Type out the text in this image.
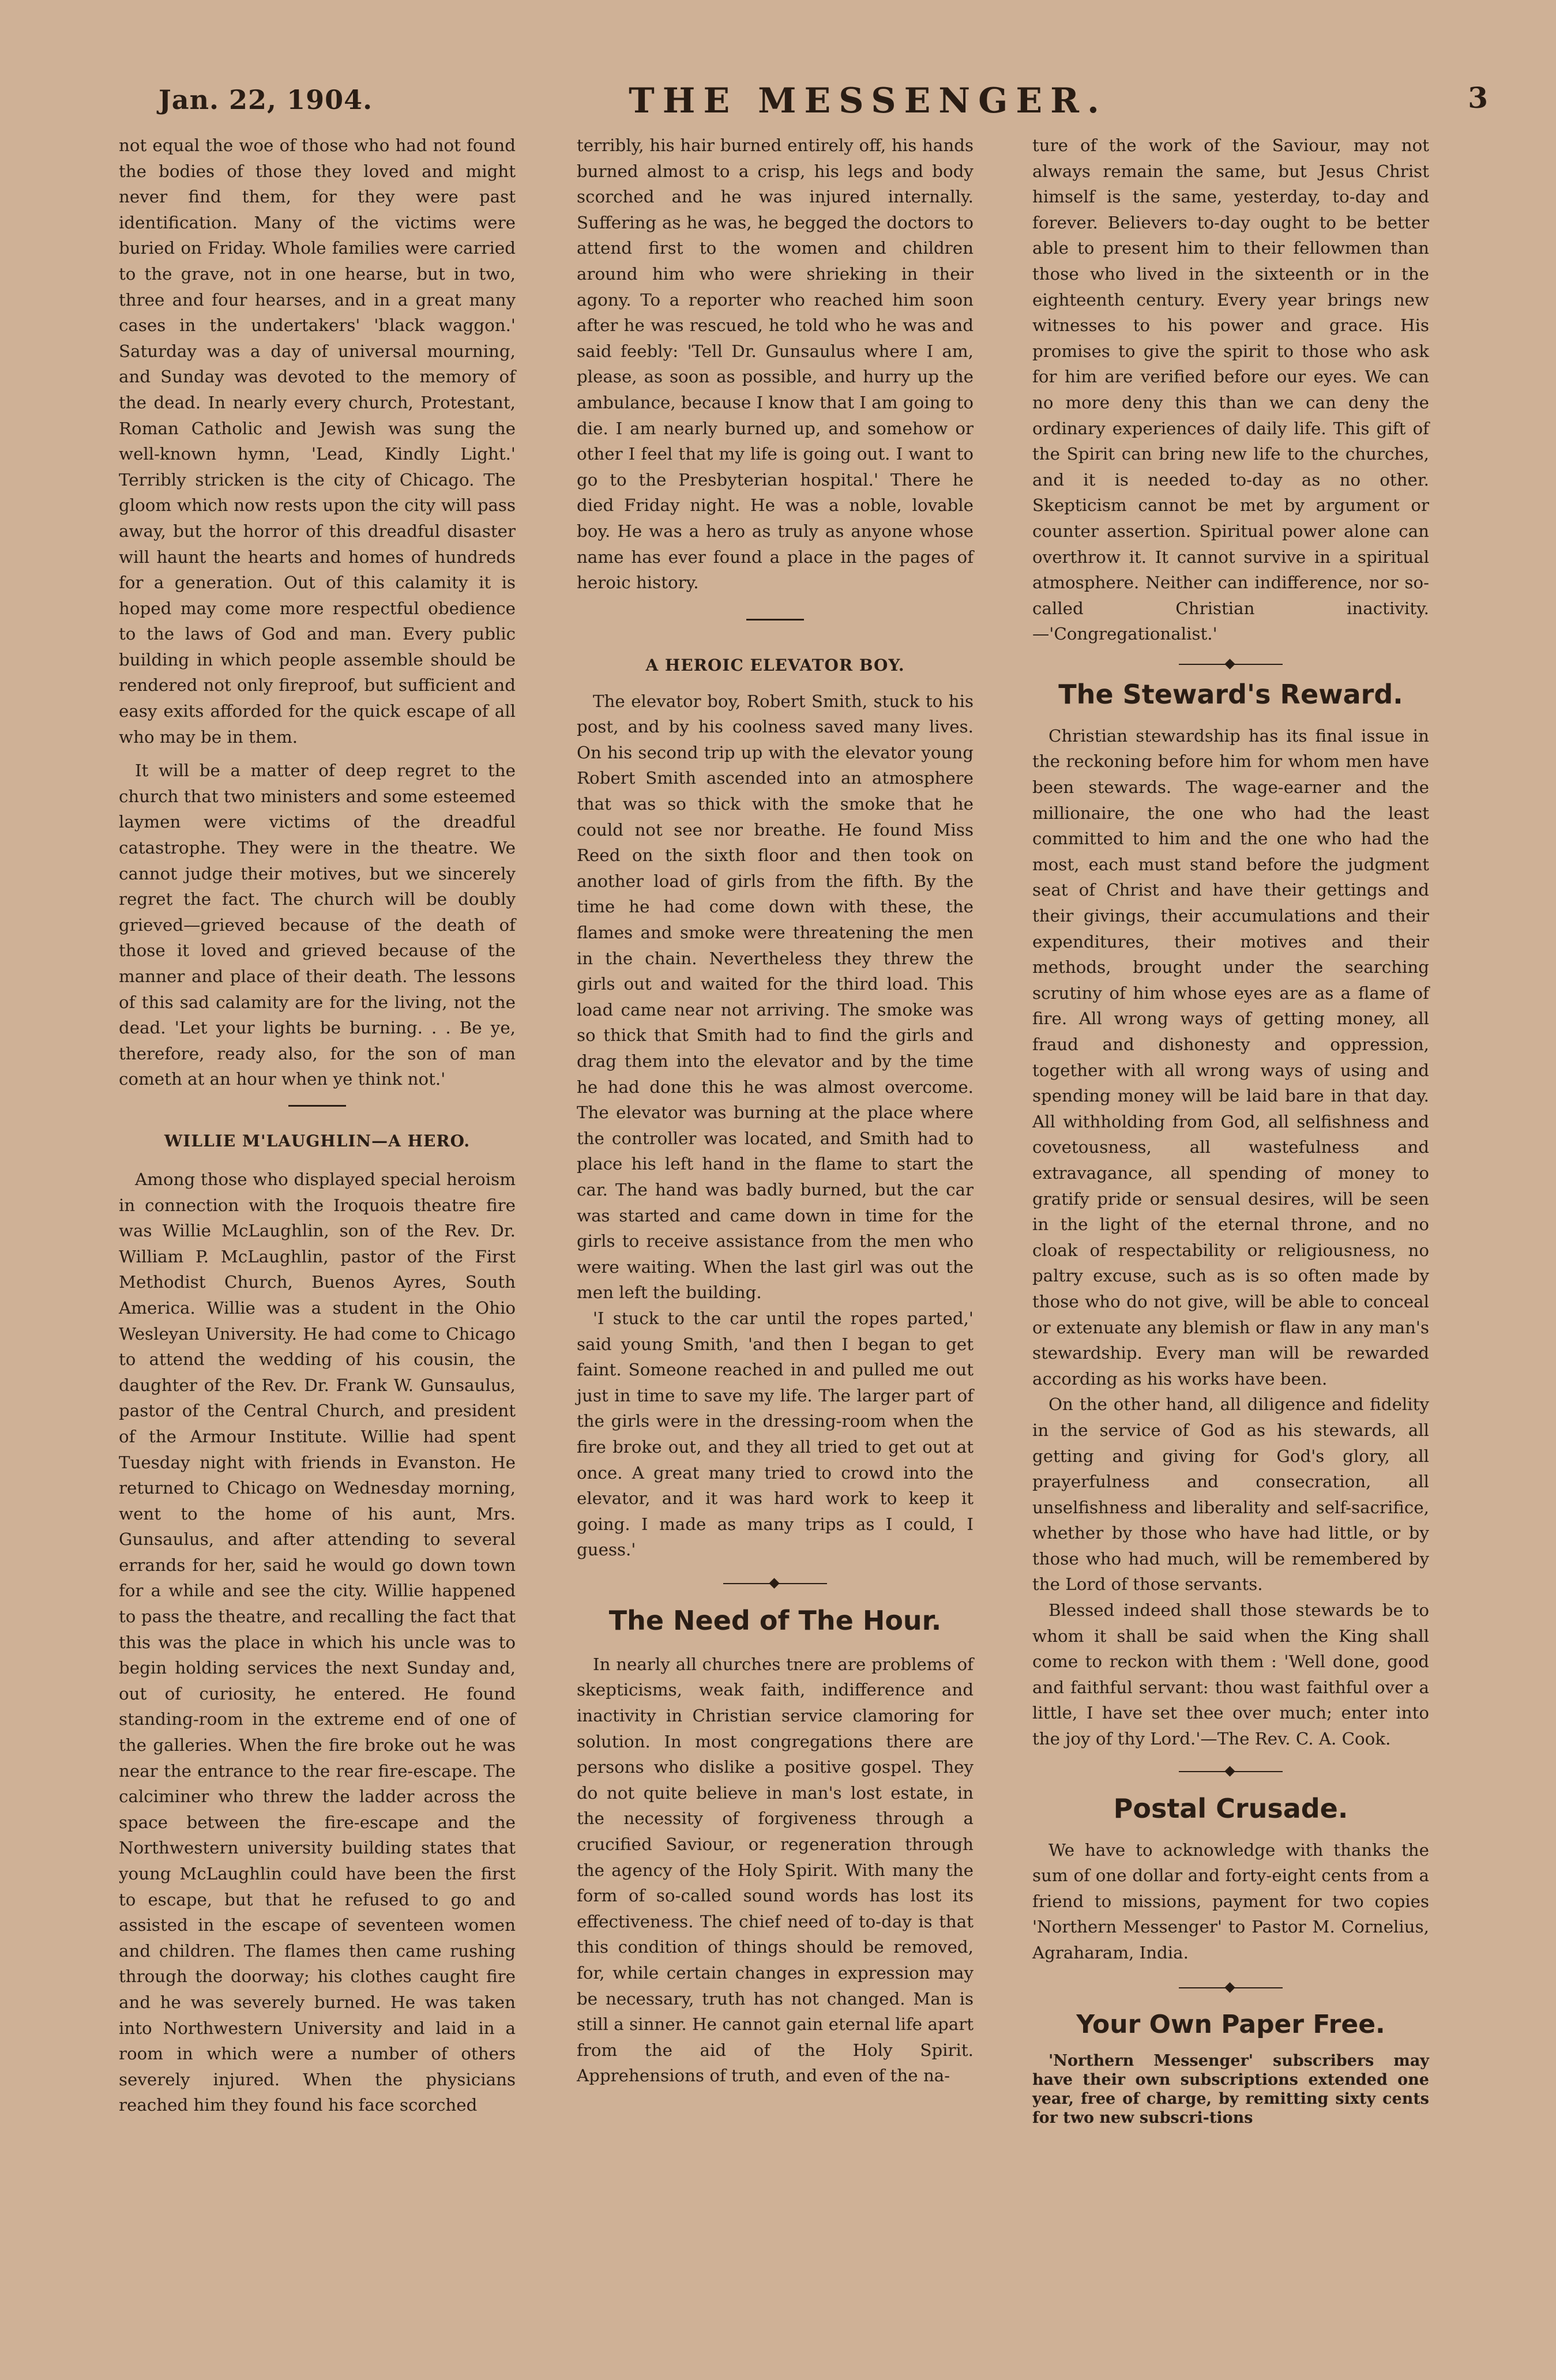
Jan. 22, 1904.	THE MESSENGER.	3

not equal the woe of those who had not found the bodies of those they loved and might never find them, for they were past identification. Many of the victims were buried on Friday. Whole families were carried to the grave, not in one hearse, but in two, three and four hearses, and in a great many cases in the undertakers' 'black waggon.' Saturday was a day of universal mourning, and Sunday was devoted to the memory of the dead. In nearly every church, Protestant, Roman Catholic and Jewish was sung the well-known hymn, 'Lead, Kindly Light.' Terribly stricken is the city of Chicago. The gloom which now rests upon the city will pass away, but the horror of this dreadful disaster will haunt the hearts and homes of hundreds for a generation. Out of this calamity it is hoped may come more respectful obedience to the laws of God and man. Every public building in which people assemble should be rendered not only fireproof, but sufficient and easy exits afforded for the quick escape of all who may be in them.

It will be a matter of deep regret to the church that two ministers and some esteemed laymen were victims of the dreadful catastrophe. They were in the theatre. We cannot judge their motives, but we sincerely regret the fact. The church will be doubly grieved—grieved because of the death of those it loved and grieved because of the manner and place of their death. The lessons of this sad calamity are for the living, not the dead. 'Let your lights be burning. . . Be ye, therefore, ready also, for the son of man cometh at an hour when ye think not.'

WILLIE M'LAUGHLIN—A HERO.

Among those who displayed special heroism in connection with the Iroquois theatre fire was Willie McLaughlin, son of the Rev. Dr. William P. McLaughlin, pastor of the First Methodist Church, Buenos Ayres, South America. Willie was a student in the Ohio Wesleyan University. He had come to Chicago to attend the wedding of his cousin, the daughter of the Rev. Dr. Frank W. Gunsaulus, pastor of the Central Church, and president of the Armour Institute. Willie had spent Tuesday night with friends in Evanston. He returned to Chicago on Wednesday morning, went to the home of his aunt, Mrs. Gunsaulus, and after attending to several errands for her, said he would go down town for a while and see the city. Willie happened to pass the theatre, and recalling the fact that this was the place in which his uncle was to begin holding services the next Sunday and, out of curiosity, he entered. He found standing-room in the extreme end of one of the galleries. When the fire broke out he was near the entrance to the rear fire-escape. The calciminer who threw the ladder across the space between the fire-escape and the Northwestern university building states that young McLaughlin could have been the first to escape, but that he refused to go and assisted in the escape of seventeen women and children. The flames then came rushing through the doorway; his clothes caught fire and he was severely burned. He was taken into Northwestern University and laid in a room in which were a number of others severely injured. When the physicians reached him they found his face scorched

terribly, his hair burned entirely off, his hands burned almost to a crisp, his legs and body scorched and he was injured internally. Suffering as he was, he begged the doctors to attend first to the women and children around him who were shrieking in their agony. To a reporter who reached him soon after he was rescued, he told who he was and said feebly: 'Tell Dr. Gunsaulus where I am, please, as soon as possible, and hurry up the ambulance, because I know that I am going to die. I am nearly burned up, and somehow or other I feel that my life is going out. I want to go to the Presbyterian hospital.' There he died Friday night. He was a noble, lovable boy. He was a hero as truly as anyone whose name has ever found a place in the pages of heroic history.

A HEROIC ELEVATOR BOY.

The elevator boy, Robert Smith, stuck to his post, and by his coolness saved many lives. On his second trip up with the elevator young Robert Smith ascended into an atmosphere that was so thick with the smoke that he could not see nor breathe. He found Miss Reed on the sixth floor and then took on another load of girls from the fifth. By the time he had come down with these, the flames and smoke were threatening the men in the chain. Nevertheless they threw the girls out and waited for the third load. This load came near not arriving. The smoke was so thick that Smith had to find the girls and drag them into the elevator and by the time he had done this he was almost overcome. The elevator was burning at the place where the controller was located, and Smith had to place his left hand in the flame to start the car. The hand was badly burned, but the car was started and came down in time for the girls to receive assistance from the men who were waiting. When the last girl was out the men left the building.

'I stuck to the car until the ropes parted,' said young Smith, 'and then I began to get faint. Someone reached in and pulled me out just in time to save my life. The larger part of the girls were in the dressing-room when the fire broke out, and they all tried to get out at once. A great many tried to crowd into the elevator, and it was hard work to keep it going. I made as many trips as I could, I guess.'

The Need of The Hour.

In nearly all churches tnere are problems of skepticisms, weak faith, indifference and inactivity in Christian service clamoring for solution. In most congregations there are persons who dislike a positive gospel. They do not quite believe in man's lost estate, in the necessity of forgiveness through a crucified Saviour, or regeneration through the agency of the Holy Spirit. With many the form of so-called sound words has lost its effectiveness. The chief need of to-day is that this condition of things should be removed, for, while certain changes in expression may be necessary, truth has not changed. Man is still a sinner. He cannot gain eternal life apart from the aid of the Holy Spirit. Apprehensions of truth, and even of the na-

ture of the work of the Saviour, may not always remain the same, but Jesus Christ himself is the same, yesterday, to-day and forever. Believers to-day ought to be better able to present him to their fellowmen than those who lived in the sixteenth or in the eighteenth century. Every year brings new witnesses to his power and grace. His promises to give the spirit to those who ask for him are verified before our eyes. We can no more deny this than we can deny the ordinary experiences of daily life. This gift of the Spirit can bring new life to the churches, and it is needed to-day as no other. Skepticism cannot be met by argument or counter assertion. Spiritual power alone can overthrow it. It cannot survive in a spiritual atmosphere. Neither can indifference, nor so-called Christian inactivity.—'Congregationalist.'

The Steward's Reward.

Christian stewardship has its final issue in the reckoning before him for whom men have been stewards. The wage-earner and the millionaire, the one who had the least committed to him and the one who had the most, each must stand before the judgment seat of Christ and have their gettings and their givings, their accumulations and their expenditures, their motives and their methods, brought under the searching scrutiny of him whose eyes are as a flame of fire. All wrong ways of getting money, all fraud and dishonesty and oppression, together with all wrong ways of using and spending money will be laid bare in that day. All withholding from God, all selfishness and covetousness, all wastefulness and extravagance, all spending of money to gratify pride or sensual desires, will be seen in the light of the eternal throne, and no cloak of respectability or religiousness, no paltry excuse, such as is so often made by those who do not give, will be able to conceal or extenuate any blemish or flaw in any man's stewardship. Every man will be rewarded according as his works have been.

On the other hand, all diligence and fidelity in the service of God as his stewards, all getting and giving for God's glory, all prayerfulness and consecration, all unselfishness and liberality and self-sacrifice, whether by those who have had little, or by those who had much, will be remembered by the Lord of those servants.

Blessed indeed shall those stewards be to whom it shall be said when the King shall come to reckon with them : 'Well done, good and faithful servant: thou wast faithful over a little, I have set thee over much; enter into the joy of thy Lord.'—The Rev. C. A. Cook.

Postal Crusade.

We have to acknowledge with thanks the sum of one dollar and forty-eight cents from a friend to missions, payment for two copies 'Northern Messenger' to Pastor M. Cornelius, Agraharam, India.

Your Own Paper Free.

'Northern Messenger' subscribers may have their own subscriptions extended one year, free of charge, by remitting sixty cents for two new subscri-tions
